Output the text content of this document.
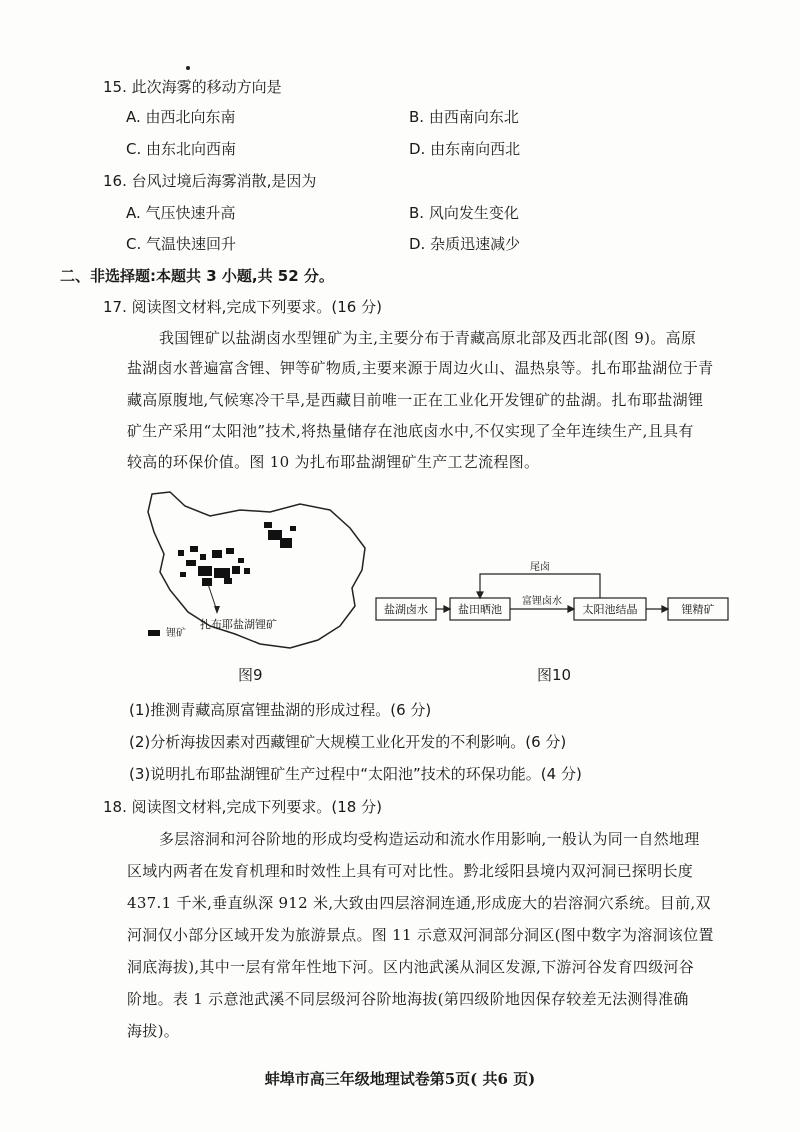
15. 此次海雾的移动方向是
A. 由西北向东南	B. 由西南向东北
C. 由东北向西南	D. 由东南向西北
16. 台风过境后海雾消散,是因为
A. 气压快速升高	B. 风向发生变化
C. 气温快速回升	D. 杂质迅速减少
二、非选择题:本题共 3 小题,共 52 分。
17. 阅读图文材料,完成下列要求。(16 分)
我国锂矿以盐湖卤水型锂矿为主,主要分布于青藏高原北部及西北部(图 9)。高原
盐湖卤水普遍富含锂、钾等矿物质,主要来源于周边火山、温热泉等。扎布耶盐湖位于青
藏高原腹地,气候寒冷干旱,是西藏目前唯一正在工业化开发锂矿的盐湖。扎布耶盐湖锂
矿生产采用“太阳池”技术,将热量储存在池底卤水中,不仅实现了全年连续生产,且具有
较高的环保价值。图 10 为扎布耶盐湖锂矿生产工艺流程图。
扎布耶盐湖锂矿
锂矿
图9
盐湖卤水	盐田晒池	太阳池结晶	锂精矿
尾卤
富锂卤水
图10
(1)推测青藏高原富锂盐湖的形成过程。(6 分)
(2)分析海拔因素对西藏锂矿大规模工业化开发的不利影响。(6 分)
(3)说明扎布耶盐湖锂矿生产过程中“太阳池”技术的环保功能。(4 分)
18. 阅读图文材料,完成下列要求。(18 分)
多层溶洞和河谷阶地的形成均受构造运动和流水作用影响,一般认为同一自然地理
区域内两者在发育机理和时效性上具有可对比性。黔北绥阳县境内双河洞已探明长度
437.1 千米,垂直纵深 912 米,大致由四层溶洞连通,形成庞大的岩溶洞穴系统。目前,双
河洞仅小部分区域开发为旅游景点。图 11 示意双河洞部分洞区(图中数字为溶洞该位置
洞底海拔),其中一层有常年性地下河。区内池武溪从洞区发源,下游河谷发育四级河谷
阶地。表 1 示意池武溪不同层级河谷阶地海拔(第四级阶地因保存较差无法测得准确
海拔)。
蚌埠市高三年级地理试卷第5页( 共6 页)
